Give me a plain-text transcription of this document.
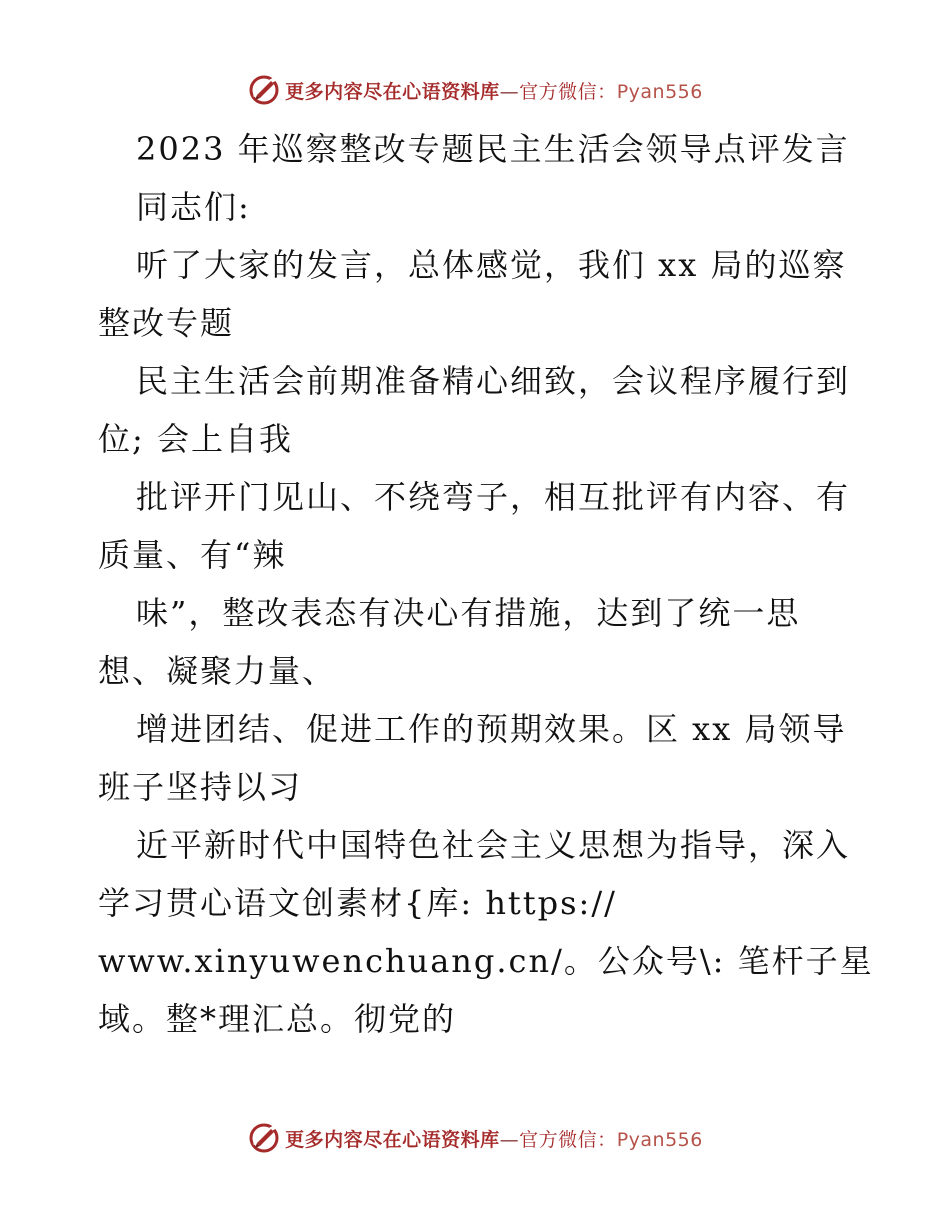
更多内容尽在心语资料库—官方微信：Pyan556
2023 年巡察整改专题民主生活会领导点评发言
同志们:
听了大家的发言，总体感觉，我们 xx 局的巡察
整改专题
民主生活会前期准备精心细致，会议程序履行到
位; 会上自我
批评开门见山、不绕弯子，相互批评有内容、有
质量、有“辣
味”，整改表态有决心有措施，达到了统一思
想、凝聚力量、
增进团结、促进工作的预期效果。区 xx 局领导
班子坚持以习
近平新时代中国特色社会主义思想为指导，深入
学习贯心语文创素材{库: https://
www.xinyuwenchuang.cn/。公众号\: 笔杆子星
域。整*理汇总。彻党的
更多内容尽在心语资料库—官方微信：Pyan556
